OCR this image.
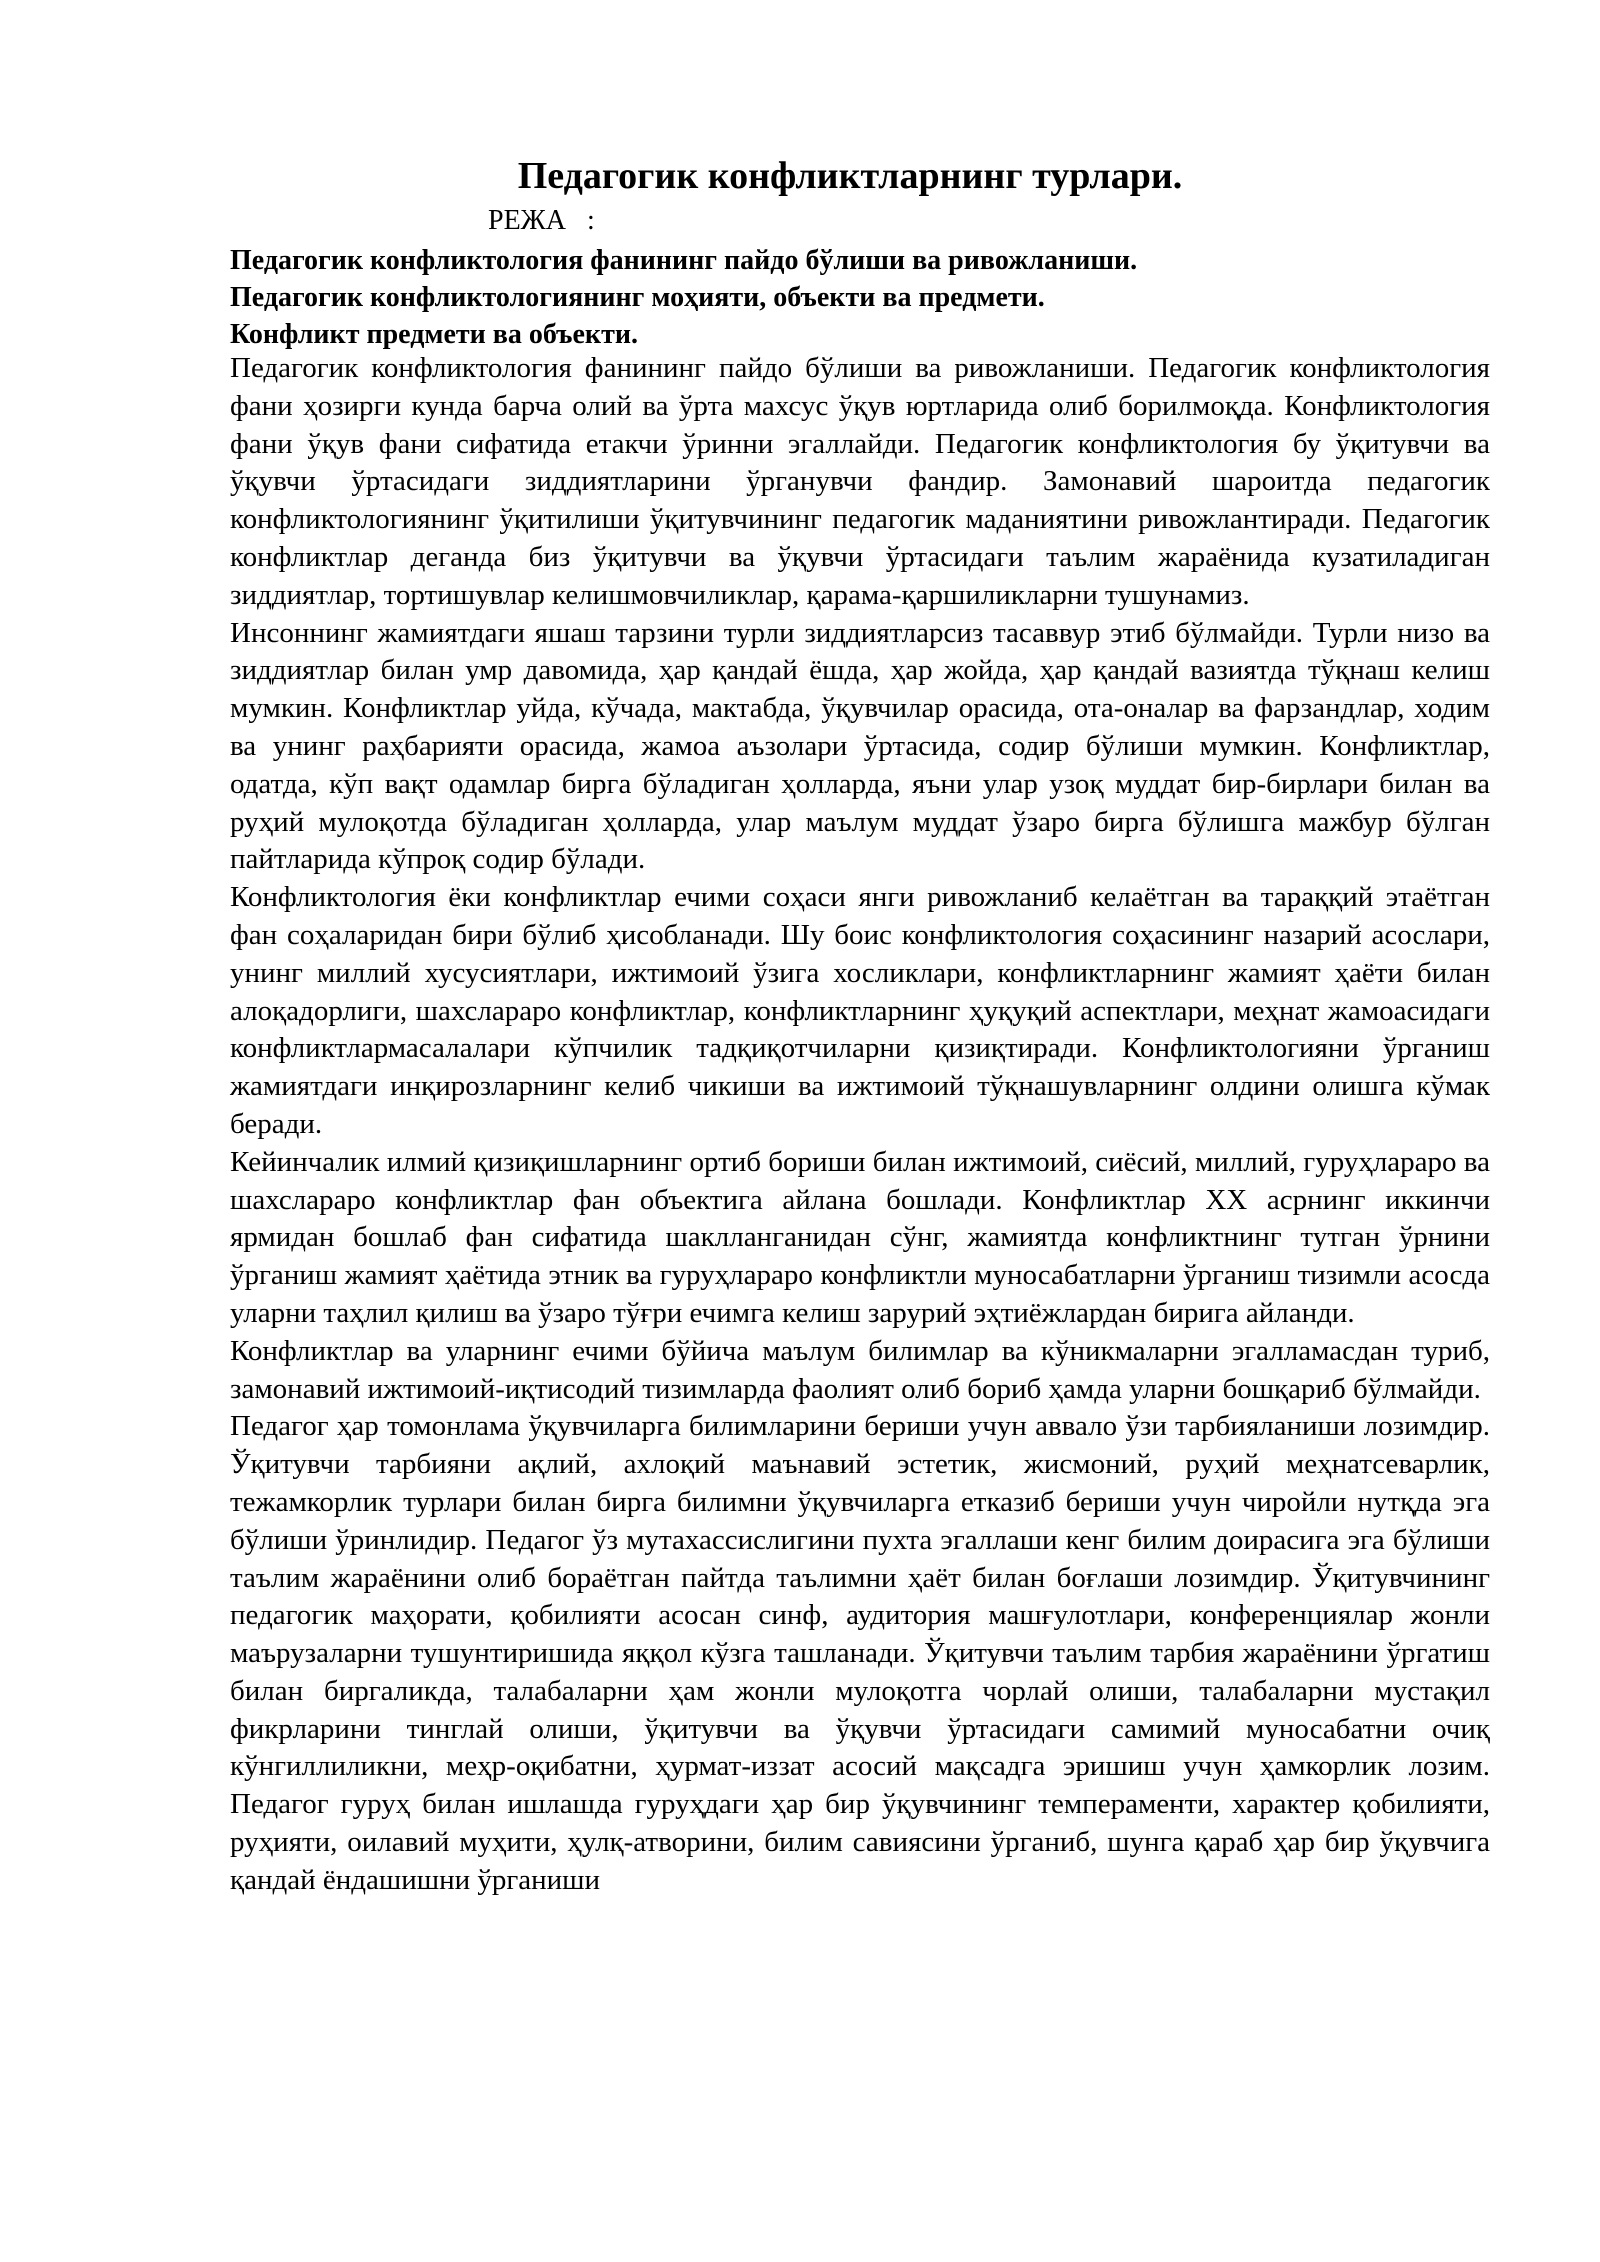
Педагогик конфликтларнинг турлари.
РЕЖА   :
Педагогик конфликтология фанининг пайдо бўлиши ва ривожланиши.
Педагогик конфликтологиянинг моҳияти, объекти ва предмети.
Конфликт предмети ва объекти.

Педагогик конфликтология фанининг пайдо бўлиши ва ривожланиши. Педагогик конфликтология фани ҳозирги кунда барча олий ва ўрта махсус ўқув юртларида олиб борилмоқда. Конфликтология фани ўқув фани сифатида етакчи ўринни эгаллайди. Педагогик конфликтология бу ўқитувчи ва ўқувчи ўртасидаги зиддиятларини ўрганувчи фандир. Замонавий шароитда педагогик конфликтологиянинг ўқитилиши ўқитувчининг педагогик маданиятини ривожлантиради. Педагогик конфликтлар деганда биз ўқитувчи ва ўқувчи ўртасидаги таълим жараёнида кузатиладиган зиддиятлар, тортишувлар келишмовчиликлар, қарама-қаршиликларни тушунамиз.

Инсоннинг жамиятдаги яшаш тарзини турли зиддиятларсиз тасаввур этиб бўлмайди. Турли низо ва зиддиятлар билан умр давомида, ҳар қандай ёшда, ҳар жойда, ҳар қандай вазиятда тўқнаш келиш мумкин. Конфликтлар уйда, кўчада, мактабда, ўқувчилар орасида, ота-оналар ва фарзандлар, ходим ва унинг раҳбарияти орасида, жамоа аъзолари ўртасида, содир бўлиши мумкин. Конфликтлар, одатда, кўп вақт одамлар бирга бўладиган ҳолларда, яъни улар узоқ муддат бир-бирлари билан ва руҳий мулоқотда бўладиган ҳолларда, улар маълум муддат ўзаро бирга бўлишга мажбур бўлган пайтларида кўпроқ содир бўлади.

Конфликтология ёки конфликтлар ечими соҳаси янги ривожланиб келаётган ва тараққий этаётган фан соҳаларидан бири бўлиб ҳисобланади. Шу боис конфликтология соҳасининг назарий асослари, унинг миллий хусусиятлари, ижтимоий ўзига хосликлари, конфликтларнинг жамият ҳаёти билан алоқадорлиги, шахслараро конфликтлар, конфликтларнинг ҳуқуқий аспектлари, меҳнат жамоасидаги конфликтлармасалалари кўпчилик тадқиқотчиларни қизиқтиради. Конфликтологияни ўрганиш жамиятдаги инқирозларнинг келиб чикиши ва ижтимоий тўқнашувларнинг олдини олишга кўмак беради.

Кейинчалик илмий қизиқишларнинг ортиб бориши билан ижтимоий, сиёсий, миллий, гуруҳлараро ва шахслараро конфликтлар фан объектига айлана бошлади. Конфликтлар XX асрнинг иккинчи ярмидан бошлаб фан сифатида шаклланганидан сўнг, жамиятда конфликтнинг тутган ўрнини ўрганиш жамият ҳаётида этник ва гуруҳлараро конфликтли муносабатларни ўрганиш тизимли асосда уларни таҳлил қилиш ва ўзаро тўғри ечимга келиш зарурий эҳтиёжлардан бирига айланди.

Конфликтлар ва уларнинг ечими бўйича маълум билимлар ва кўникмаларни эгалламасдан туриб, замонавий ижтимоий-иқтисодий тизимларда фаолият олиб бориб ҳамда уларни бошқариб бўлмайди.

Педагог ҳар томонлама ўқувчиларга билимларини бериши учун аввало ўзи тарбияланиши лозимдир. Ўқитувчи тарбияни ақлий, ахлоқий маънавий эстетик, жисмоний, руҳий меҳнатсеварлик, тежамкорлик турлари билан бирга билимни ўқувчиларга етказиб бериши учун чиройли нутқда эга бўлиши ўринлидир. Педагог ўз мутахассислигини пухта эгаллаши кенг билим доирасига эга бўлиши таълим жараёнини олиб бораётган пайтда таълимни ҳаёт билан боғлаши лозимдир. Ўқитувчининг педагогик маҳорати, қобилияти асосан синф, аудитория машғулотлари, конференциялар жонли маърузаларни тушунтиришида яққол кўзга ташланади. Ўқитувчи таълим тарбия жараёнини ўргатиш билан биргаликда, талабаларни ҳам жонли мулоқотга чорлай олиши, талабаларни мустақил фикрларини тинглай олиши, ўқитувчи ва ўқувчи ўртасидаги самимий муносабатни очиқ кўнгиллиликни, меҳр-оқибатни, ҳурмат-иззат асосий мақсадга эришиш учун ҳамкорлик лозим. Педагог гуруҳ билан ишлашда гуруҳдаги ҳар бир ўқувчининг темпераменти, характер қобилияти, руҳияти, оилавий муҳити, ҳулқ-атворини, билим савиясини ўрганиб, шунга қараб ҳар бир ўқувчига қандай ёндашишни ўрганиши
